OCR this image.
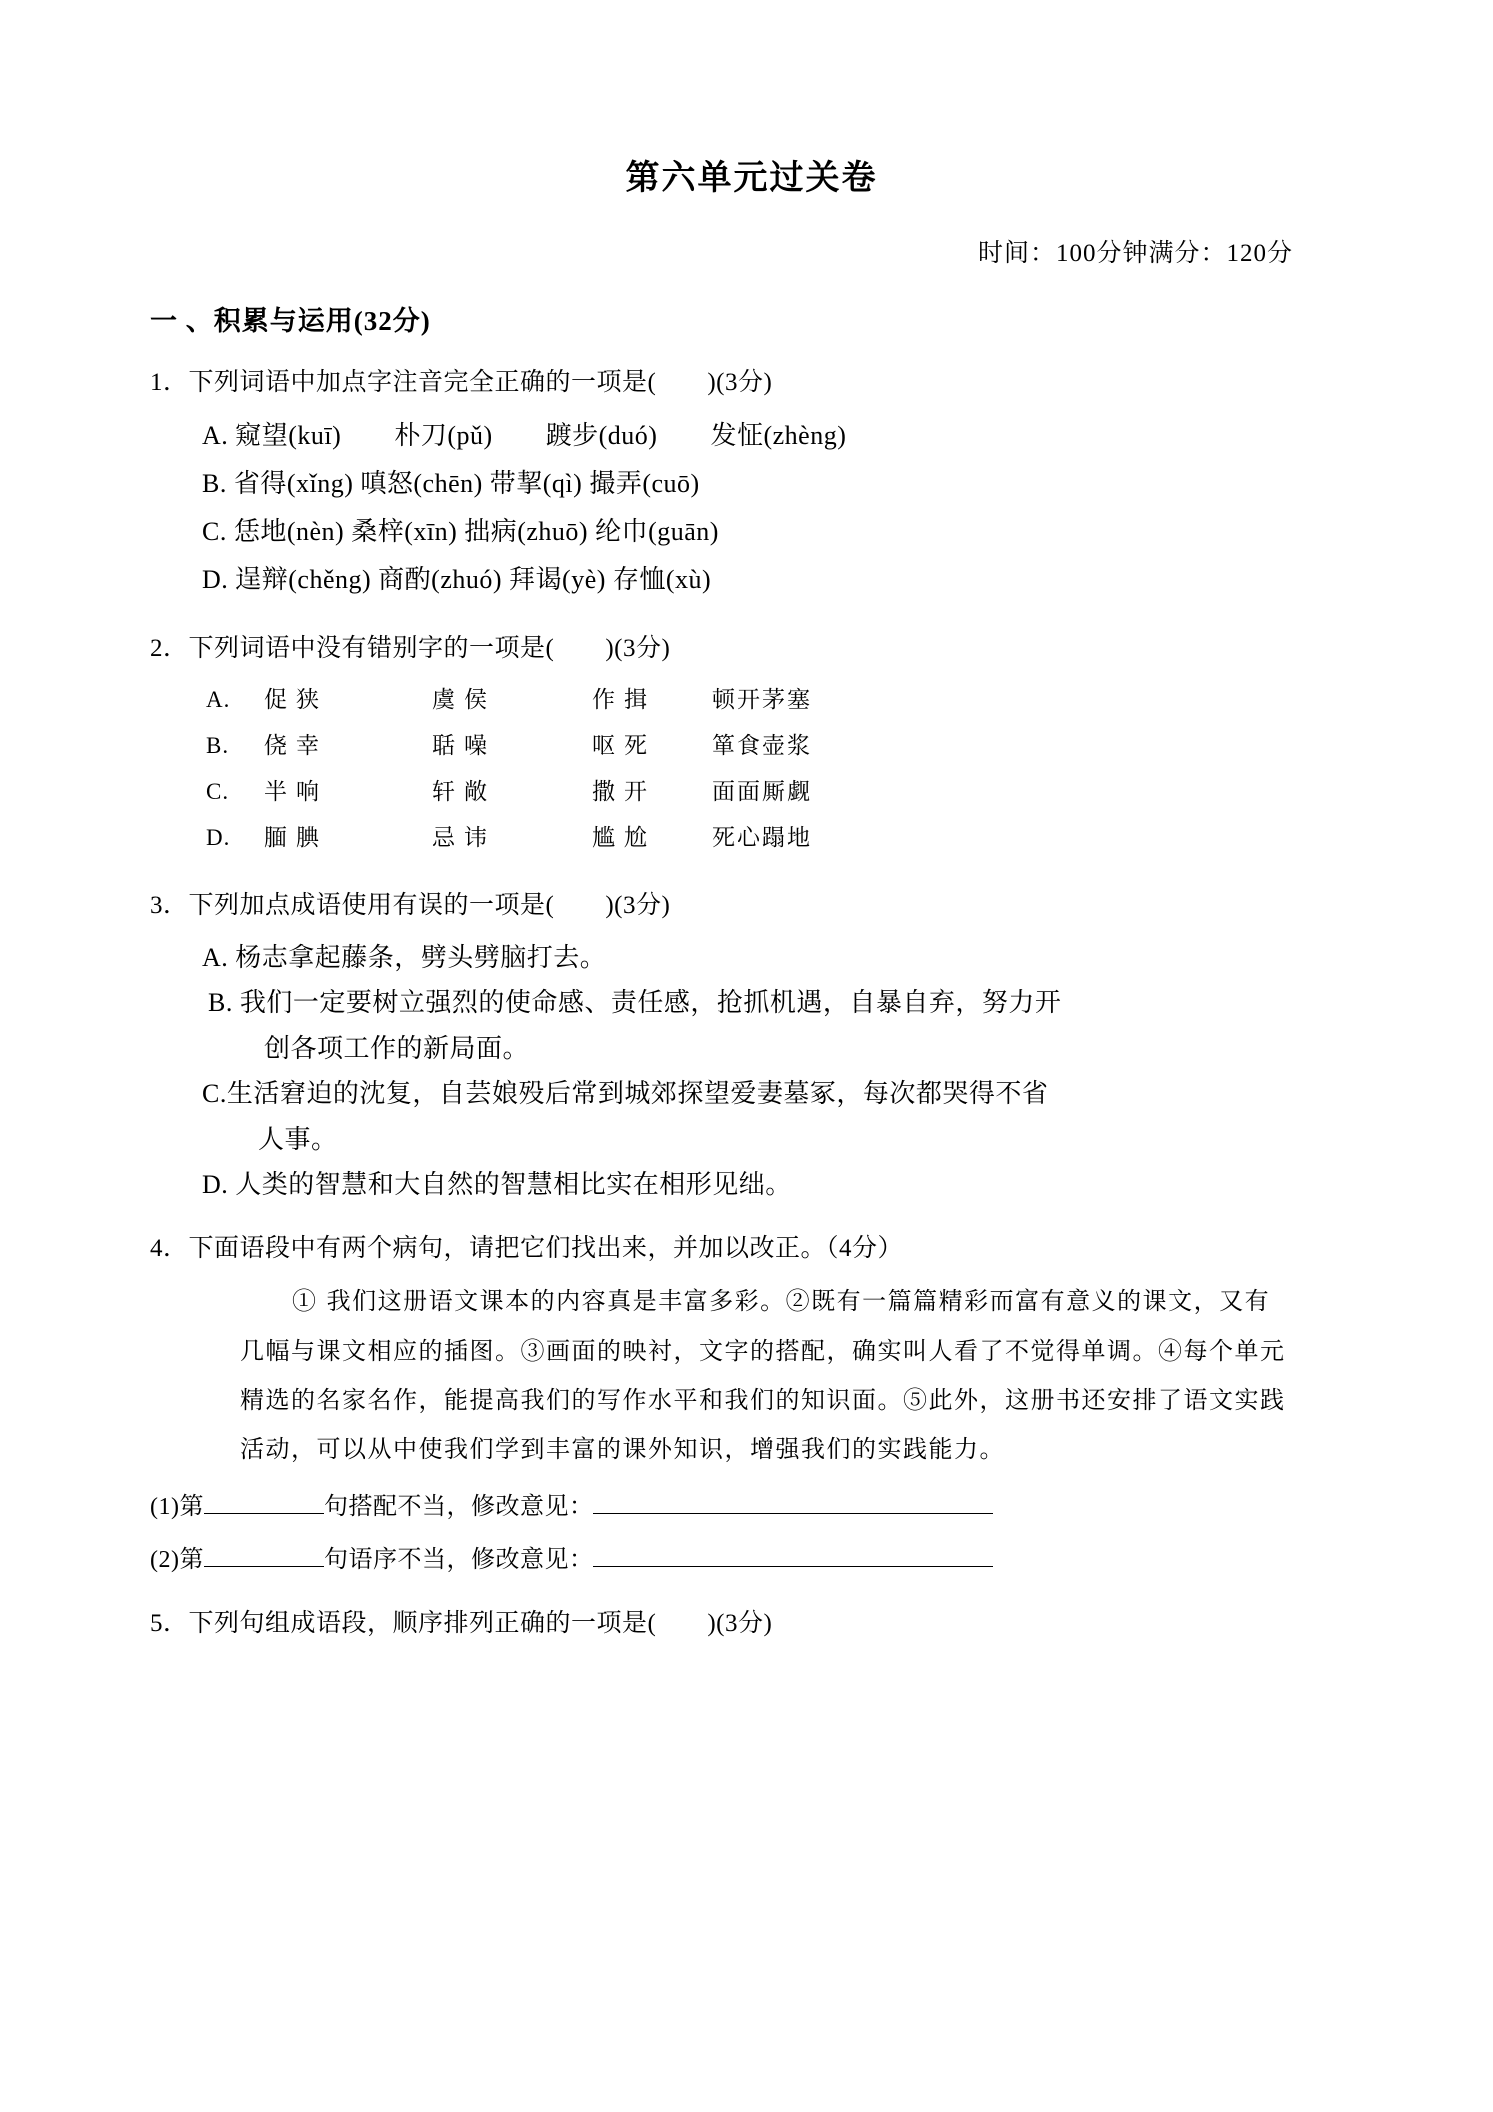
第六单元过关卷
时间：100分钟满分：120分
一 、积累与运用(32分)
1．下列词语中加点字注音完全正确的一项是(　　)(3分)
A. 窥望(kuī)　　朴刀(pǔ)　　踱步(duó)　　发怔(zhèng)
B. 省得(xǐng) 嗔怒(chēn) 带挈(qì) 撮弄(cuō)
C. 恁地(nèn) 桑梓(xīn) 拙病(zhuō) 纶巾(guān)
D. 逞辩(chěng) 商酌(zhuó) 拜谒(yè) 存恤(xù)
2．下列词语中没有错别字的一项是(　　)(3分)
A.	促狭	虞侯	作揖	顿开茅塞
B.	侥幸	聒噪	呕死	箪食壶浆
C.	半响	轩敞	撒开	面面厮觑
D.	腼腆	忌讳	尴尬	死心蹋地
3．下列加点成语使用有误的一项是(　　)(3分)
A. 杨志拿起藤条，劈头劈脑打去。
B. 我们一定要树立强烈的使命感、责任感，抢抓机遇，自暴自弃，努力开
创各项工作的新局面。
C.生活窘迫的沈复，自芸娘殁后常到城郊探望爱妻墓冢，每次都哭得不省
人事。
D. 人类的智慧和大自然的智慧相比实在相形见绌。
4．下面语段中有两个病句，请把它们找出来，并加以改正。（4分）
① 我们这册语文课本的内容真是丰富多彩。②既有一篇篇精彩而富有意义的课文，又有几幅与课文相应的插图。③画面的映衬，文字的搭配，确实叫人看了不觉得单调。④每个单元精选的名家名作，能提高我们的写作水平和我们的知识面。⑤此外，这册书还安排了语文实践活动，可以从中使我们学到丰富的课外知识，增强我们的实践能力。
(1)第	句搭配不当，修改意见：
(2)第	句语序不当，修改意见：
5．下列句组成语段，顺序排列正确的一项是(　　)(3分)
